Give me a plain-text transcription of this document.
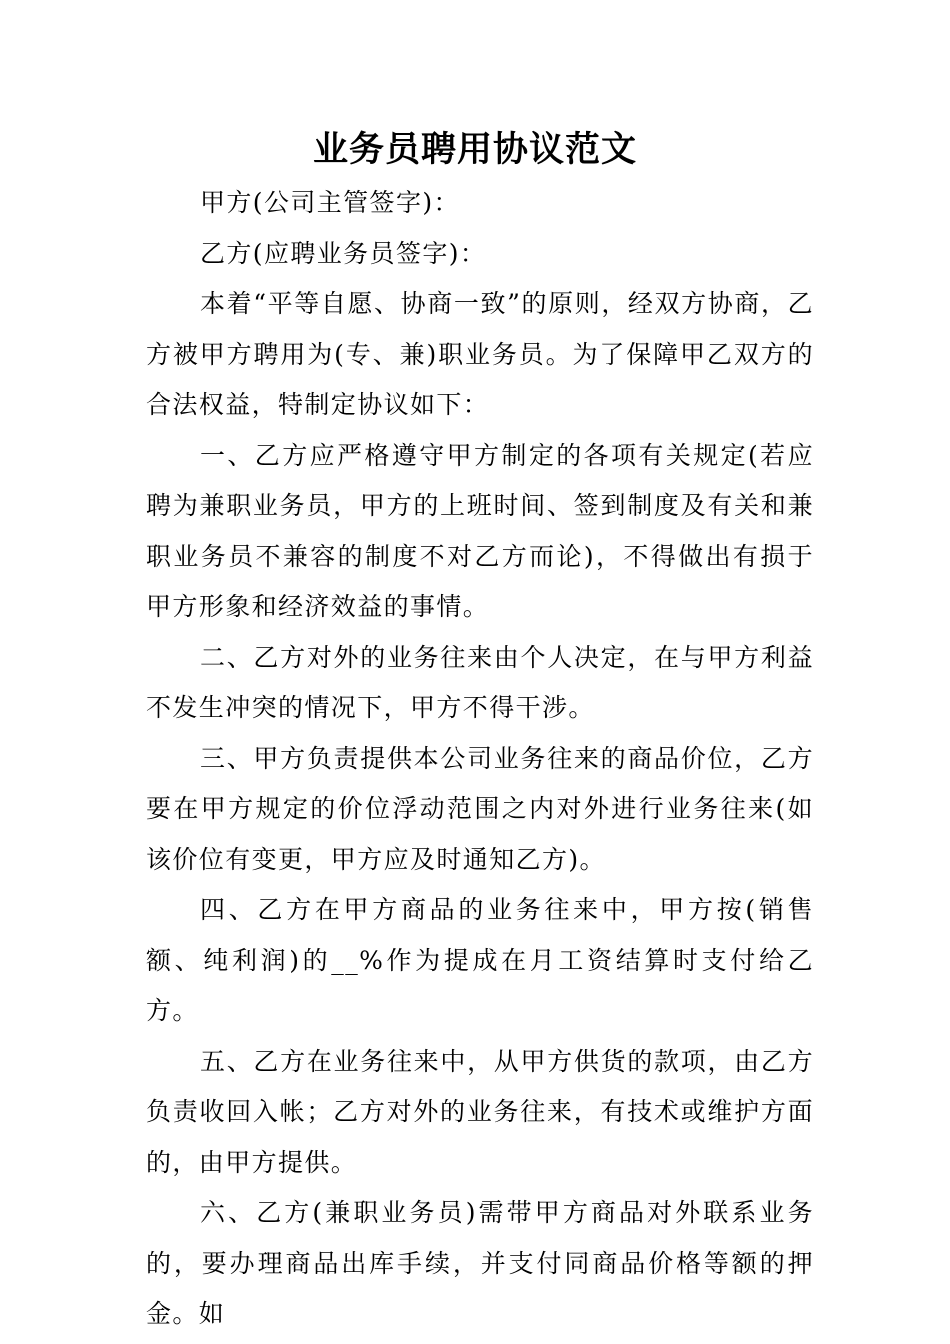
业务员聘用协议范文

甲方(公司主管签字)：

乙方(应聘业务员签字)：

本着“平等自愿、协商一致”的原则，经双方协商，乙方被甲方聘用为(专、兼)职业务员。为了保障甲乙双方的合法权益，特制定协议如下：

一、乙方应严格遵守甲方制定的各项有关规定(若应聘为兼职业务员，甲方的上班时间、签到制度及有关和兼职业务员不兼容的制度不对乙方而论)，不得做出有损于甲方形象和经济效益的事情。

二、乙方对外的业务往来由个人决定，在与甲方利益不发生冲突的情况下，甲方不得干涉。

三、甲方负责提供本公司业务往来的商品价位，乙方要在甲方规定的价位浮动范围之内对外进行业务往来(如该价位有变更，甲方应及时通知乙方)。

四、乙方在甲方商品的业务往来中，甲方按(销售额、纯利润)的__%作为提成在月工资结算时支付给乙方。

五、乙方在业务往来中，从甲方供货的款项，由乙方负责收回入帐；乙方对外的业务往来，有技术或维护方面的，由甲方提供。

六、乙方(兼职业务员)需带甲方商品对外联系业务的，要办理商品出库手续，并支付同商品价格等额的押金。如
